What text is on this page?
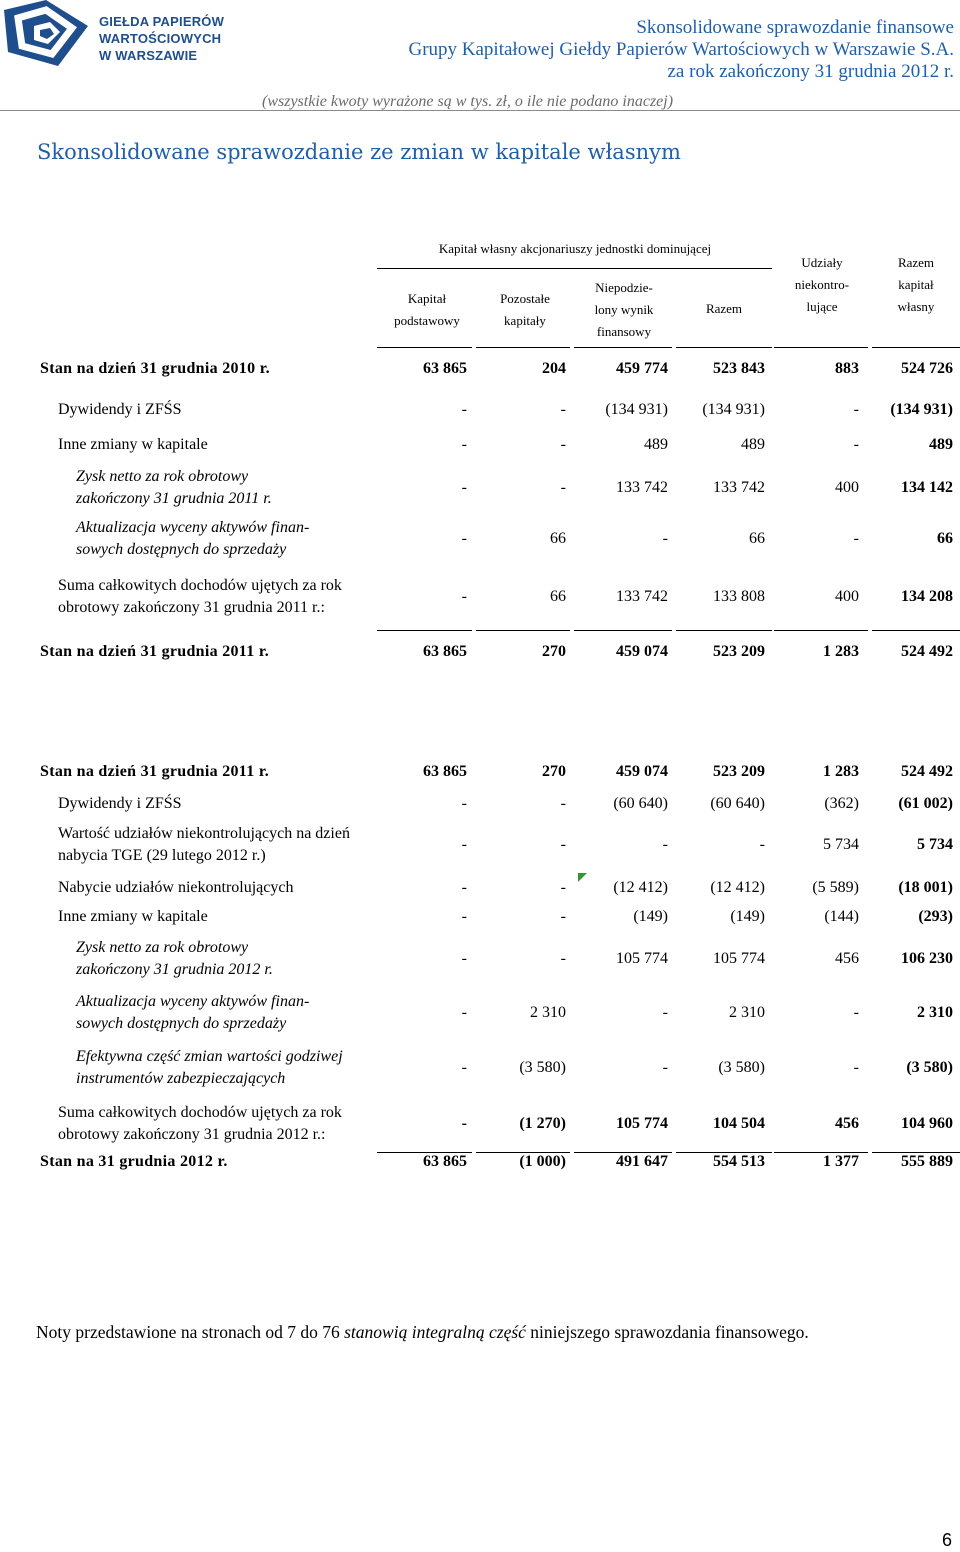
GIEŁDA PAPIERÓW
WARTOŚCIOWYCH
W WARSZAWIE
Skonsolidowane sprawozdanie finansowe
Grupy Kapitałowej Giełdy Papierów Wartościowych w Warszawie S.A.
za rok zakończony 31 grudnia 2012 r.
(wszystkie kwoty wyrażone są w tys. zł, o ile nie podano inaczej)
Skonsolidowane sprawozdanie ze zmian w kapitale własnym
Kapitał własny akcjonariuszy jednostki dominującej
Kapitał
podstawowy
Pozostałe
kapitały
Niepodzie-
lony wynik
finansowy
Razem
Udziały
niekontro-
lujące
Razem
kapitał
własny
Stan na dzień 31 grudnia 2010 r.	63 865	204	459 774	523 843	883	524 726
Dywidendy i ZFŚS	-	-	(134 931)	(134 931)	-	(134 931)
Inne zmiany w kapitale	-	-	489	489	-	489
Zysk netto za rok obrotowy
zakończony 31 grudnia 2011 r.
-	-	133 742	133 742	400	134 142
Aktualizacja wyceny aktywów finan-
sowych dostępnych do sprzedaży
-	66	-	66	-	66
Suma całkowitych dochodów ujętych za rok
obrotowy zakończony 31 grudnia 2011 r.:
-	66	133 742	133 808	400	134 208
Stan na dzień 31 grudnia 2011 r.	63 865	270	459 074	523 209	1 283	524 492
Stan na dzień 31 grudnia 2011 r.	63 865	270	459 074	523 209	1 283	524 492
Dywidendy i ZFŚS	-	-	(60 640)	(60 640)	(362)	(61 002)
Wartość udziałów niekontrolujących na dzień
nabycia TGE (29 lutego 2012 r.)
-	-	-	-	5 734	5 734
Nabycie udziałów niekontrolujących	-	-	(12 412)	(12 412)	(5 589)	(18 001)
Inne zmiany w kapitale	-	-	(149)	(149)	(144)	(293)
Zysk netto za rok obrotowy
zakończony 31 grudnia 2012 r.
-	-	105 774	105 774	456	106 230
Aktualizacja wyceny aktywów finan-
sowych dostępnych do sprzedaży
-	2 310	-	2 310	-	2 310
Efektywna część zmian wartości godziwej
instrumentów zabezpieczających
-	(3 580)	-	(3 580)	-	(3 580)
Suma całkowitych dochodów ujętych za rok
obrotowy zakończony 31 grudnia 2012 r.:
-	(1 270)	105 774	104 504	456	104 960
Stan na 31 grudnia 2012 r.	63 865	(1 000)	491 647	554 513	1 377	555 889
Noty przedstawione na stronach od 7 do 76 stanowią integralną część niniejszego sprawozdania finansowego.
6
